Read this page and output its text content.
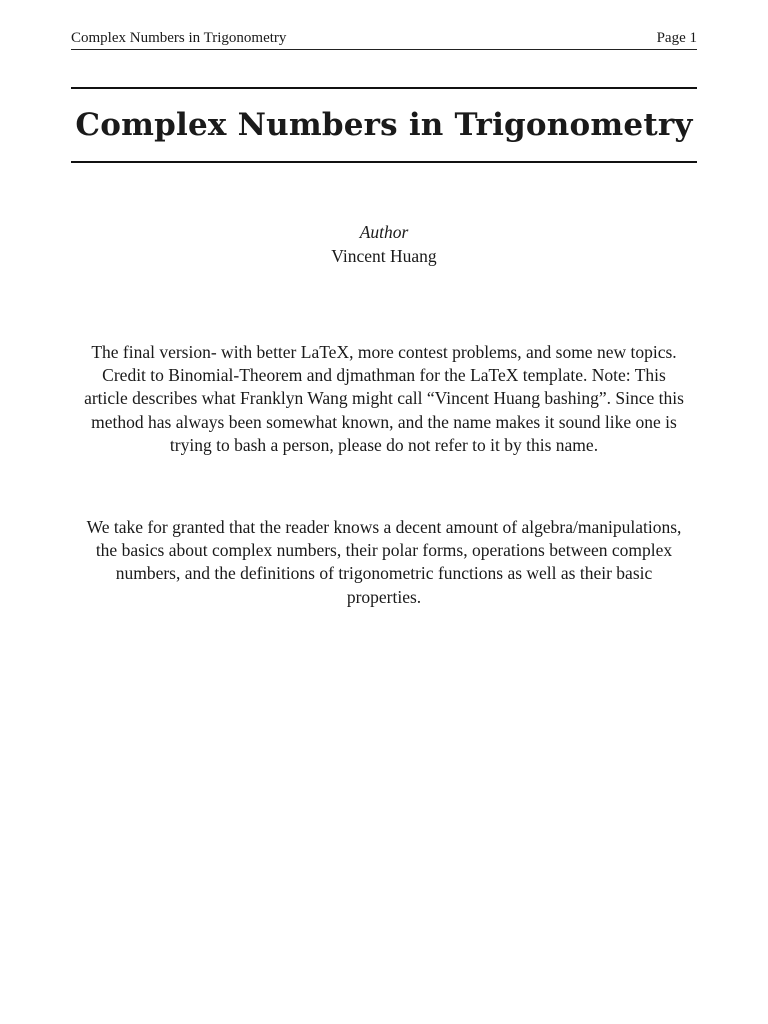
Complex Numbers in Trigonometry	Page 1
Complex Numbers in Trigonometry
Author
Vincent Huang

The final version- with better LaTeX, more contest problems, and some new topics. Credit to Binomial-Theorem and djmathman for the LaTeX template. Note: This article describes what Franklyn Wang might call “Vincent Huang bashing”. Since this method has always been somewhat known, and the name makes it sound like one is trying to bash a person, please do not refer to it by this name.

We take for granted that the reader knows a decent amount of algebra/manipulations, the basics about complex numbers, their polar forms, operations between complex numbers, and the definitions of trigonometric functions as well as their basic properties.
